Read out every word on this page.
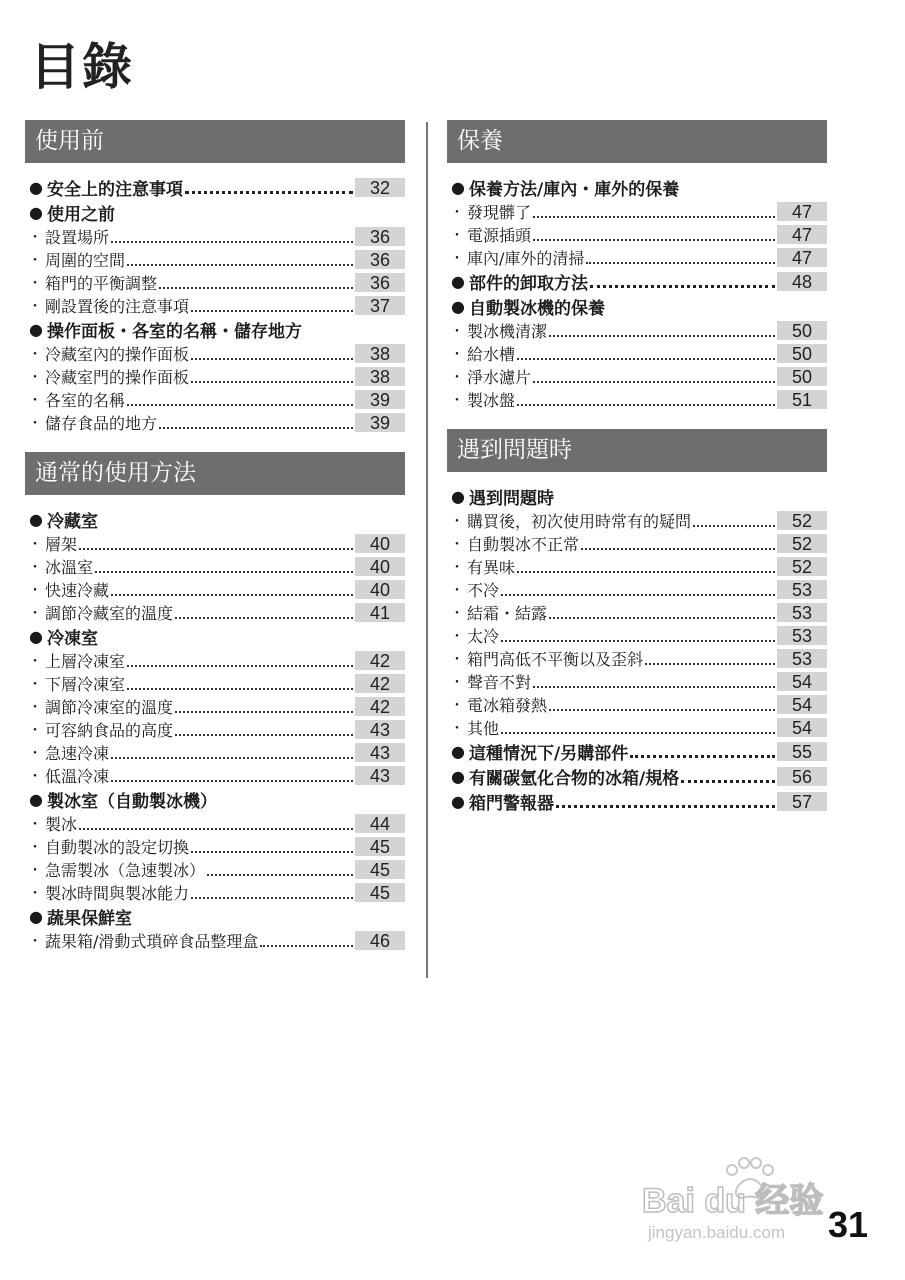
目錄
使用前
● 安全上的注意事項	32
● 使用之前
・ 設置場所	36
・ 周圍的空間	36
・ 箱門的平衡調整	36
・ 剛設置後的注意事項	37
● 操作面板・各室的名稱・儲存地方
・ 冷藏室內的操作面板	38
・ 冷藏室門的操作面板	38
・ 各室的名稱	39
・ 儲存食品的地方	39
通常的使用方法
● 冷藏室
・ 層架	40
・ 冰溫室	40
・ 快速冷藏	40
・ 調節冷藏室的溫度	41
● 冷凍室
・ 上層冷凍室	42
・ 下層冷凍室	42
・ 調節冷凍室的溫度	42
・ 可容納食品的高度	43
・ 急速冷凍	43
・ 低溫冷凍	43
● 製冰室（自動製冰機）
・ 製冰	44
・ 自動製冰的設定切換	45
・ 急需製冰（急速製冰）	45
・ 製冰時間與製冰能力	45
● 蔬果保鮮室
・ 蔬果箱/滑動式瑣碎食品整理盒	46
保養
● 保養方法/庫內・庫外的保養
・ 發現髒了	47
・ 電源插頭	47
・ 庫內/庫外的清掃	47
● 部件的卸取方法	48
● 自動製冰機的保養
・ 製冰機清潔	50
・ 給水槽	50
・ 淨水濾片	50
・ 製冰盤	51
遇到問題時
● 遇到問題時
・ 購買後，初次使用時常有的疑問	52
・ 自動製冰不正常	52
・ 有異味	52
・ 不冷	53
・ 結霜・結露	53
・ 太冷	53
・ 箱門高低不平衡以及歪斜	53
・ 聲音不對	54
・ 電冰箱發熱	54
・ 其他	54
● 這種情況下/另購部件	55
● 有關碳氫化合物的冰箱/規格	56
● 箱門警報器	57
Bai du 经验
jingyan.baidu.com 31
